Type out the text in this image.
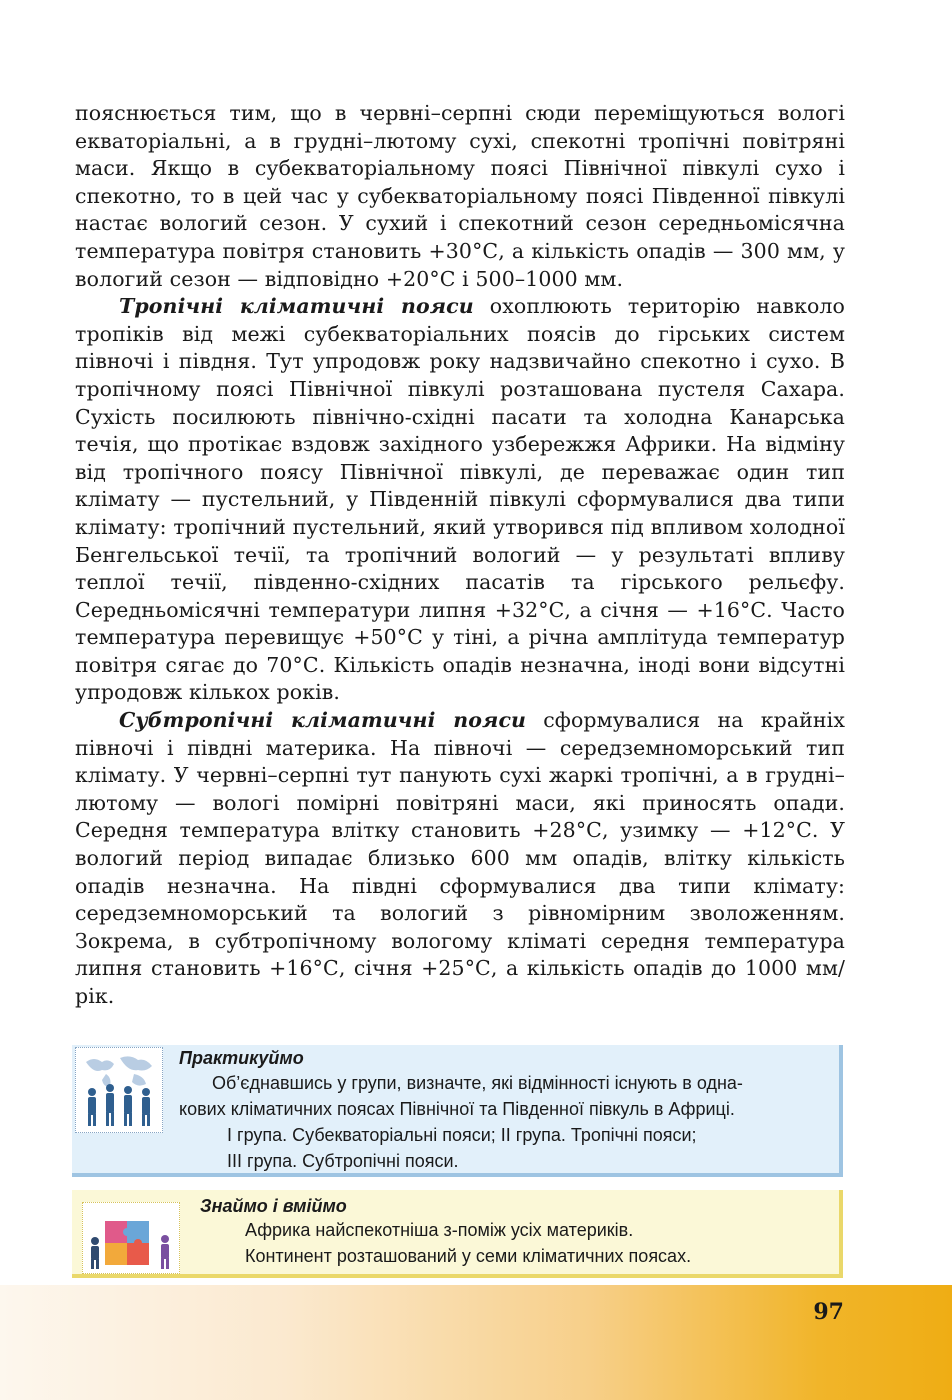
пояснюється тим, що в червні–серпні сюди переміщуються вологі екваторіальні, а в грудні–лютому сухі, спекотні тропічні повітряні маси. Якщо в субекваторіальному поясі Північної півкулі сухо і спекотно, то в цей час у субекваторіальному поясі Південної півкулі настає вологий сезон. У сухий і спекотний сезон середньомісячна температура повітря становить +30°С, а кількість опадів — 300 мм, у вологий сезон — відповідно +20°С і 500–1000 мм.

Тропічні кліматичні пояси охоплюють територію навколо тропіків від межі субекваторіальних поясів до гірських систем півночі і півдня. Тут упродовж року надзвичайно спекотно і сухо. В тропічному поясі Північної півкулі розташована пустеля Сахара. Сухість посилюють північно-східні пасати та холодна Канарська течія, що протікає вздовж західного узбережжя Африки. На відміну від тропічного поясу Північної півкулі, де переважає один тип клімату — пустельний, у Південній півкулі сформувалися два типи клімату: тропічний пустельний, який утворився під впливом холодної Бенгельської течії, та тропічний вологий — у результаті впливу теплої течії, південно-східних пасатів та гірського рельєфу. Середньомісячні температури липня +32°С, а січня — +16°С. Часто температура перевищує +50°С у тіні, а річна амплітуда температур повітря сягає до 70°С. Кількість опадів незначна, іноді вони відсутні упродовж кількох років.

Субтропічні кліматичні пояси сформувалися на крайніх півночі і півдні материка. На півночі — середземноморський тип клімату. У червні–серпні тут панують сухі жаркі тропічні, а в грудні–лютому — вологі помірні повітряні маси, які приносять опади. Середня температура влітку становить +28°С, узимку — +12°С. У вологий період випадає близько 600 мм опадів, влітку кількість опадів незначна. На півдні сформувалися два типи клімату: середземноморський та вологий з рівномірним зволоженням. Зокрема, в субтропічному вологому кліматі середня температура липня становить +16°С, січня +25°С, а кількість опадів до 1000 мм/рік.

Практикуймо
Об’єднавшись у групи, визначте, які відмінності існують в одна-
кових кліматичних поясах Північної та Південної півкуль в Африці.
І група. Субекваторіальні пояси; ІІ група. Тропічні пояси;
ІІІ група. Субтропічні пояси.
Знаймо і вміймо
Африка найспекотніша з-поміж усіх материків.
Континент розташований у семи кліматичних поясах.
97
